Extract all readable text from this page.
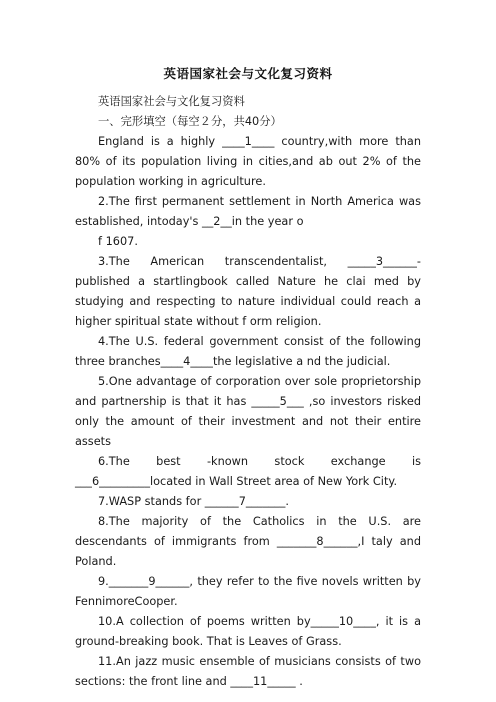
英语国家社会与文化复习资料

英语国家社会与文化复习资料

一、完形填空（每空２分，共40分）

England is a highly ____1____ country,with more than 80% of its population living in cities,and ab out 2% of the population working in agriculture.

2.The first permanent settlement in North America was established, intoday's __2__in the year o

f 1607.

3.The American transcendentalist, _____3______- published a startlingbook called Nature he clai med by studying and respecting to nature individual could reach a higher spiritual state without f orm religion.

4.The U.S. federal government consist of the following three branches____4____the legislative a nd the judicial.

5.One advantage of corporation over sole proprietorship and partnership is that it has _____5___ ,so investors risked only the amount of their investment and not their entire assets

6.The best -known stock exchange is ___6_________located in Wall Street area of New York City.

7.WASP stands for ______7_______.

8.The majority of the Catholics in the U.S. are descendants of immigrants from _______8______,I taly and Poland.

9._______9______, they refer to the five novels written by FennimoreCooper.

10.A collection of poems written by_____10____, it is a ground-breaking book. That is Leaves of Grass.

11.An jazz music ensemble of musicians consists of two sections: the front line and ____11_____ .
